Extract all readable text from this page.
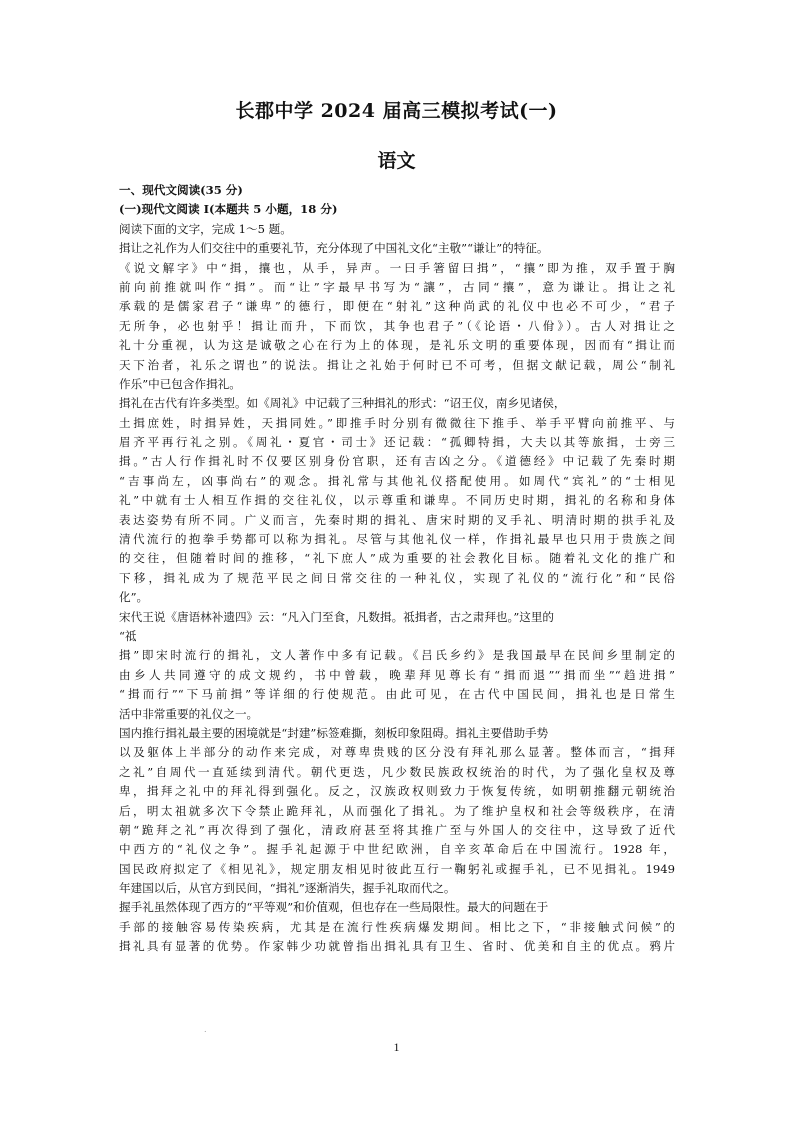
长郡中学 2024 届高三模拟考试(一)
语文
一、现代文阅读(35 分)
(一)现代文阅读 I(本题共 5 小题，18 分)
阅读下面的文字，完成 1～5 题。
揖让之礼作为人们交往中的重要礼节，充分体现了中国礼文化“主敬”“谦让”的特征。
《说文解字》中“揖，攘也，从手，异声。一曰手箸留曰揖”，“攘”即为推，双手置于胸
前向前推就叫作“揖”。而“让”字最早书写为“讓”，古同“攘”，意为谦让。揖让之礼
承载的是儒家君子“谦卑”的德行，即便在“射礼”这种尚武的礼仪中也必不可少，“君子
无所争，必也射乎！揖让而升，下而饮，其争也君子”（《论语・八佾》）。古人对揖让之
礼十分重视，认为这是诚敬之心在行为上的体现，是礼乐文明的重要体现，因而有“揖让而
天下治者，礼乐之谓也”的说法。揖让之礼始于何时已不可考，但据文献记载，周公“制礼
作乐”中已包含作揖礼。
揖礼在古代有许多类型。如《周礼》中记载了三种揖礼的形式：“诏王仪，南乡见诸侯，
土揖庶姓，时揖异姓，天揖同姓。”即推手时分别有微微往下推手、举手平臂向前推平、与
眉齐平再行礼之别。《周礼・夏官・司士》还记载：“孤卿特揖，大夫以其等旅揖，士旁三
揖。”古人行作揖礼时不仅要区别身份官职，还有吉凶之分。《道德经》中记载了先秦时期
“吉事尚左，凶事尚右”的观念。揖礼常与其他礼仪搭配使用。如周代“宾礼”的“士相见
礼”中就有士人相互作揖的交往礼仪，以示尊重和谦卑。不同历史时期，揖礼的名称和身体
表达姿势有所不同。广义而言，先秦时期的揖礼、唐宋时期的叉手礼、明清时期的拱手礼及
清代流行的抱拳手势都可以称为揖礼。尽管与其他礼仪一样，作揖礼最早也只用于贵族之间
的交往，但随着时间的推移，“礼下庶人”成为重要的社会教化目标。随着礼文化的推广和
下移，揖礼成为了规范平民之间日常交往的一种礼仪，实现了礼仪的“流行化”和“民俗
化”。
宋代王说《唐语林补遗四》云：“凡入门至食，凡数揖。祗揖者，古之肃拜也。”这里的
“祗
揖”即宋时流行的揖礼，文人著作中多有记载。《吕氏乡约》是我国最早在民间乡里制定的
由乡人共同遵守的成文规约，书中曾载，晚辈拜见尊长有“揖而退”“揖而坐”“趋进揖”
“揖而行”“下马前揖”等详细的行使规范。由此可见，在古代中国民间，揖礼也是日常生
活中非常重要的礼仪之一。
国内推行揖礼最主要的困境就是“封建”标签难撕，刻板印象阻碍。揖礼主要借助手势
以及躯体上半部分的动作来完成，对尊卑贵贱的区分没有拜礼那么显著。整体而言，“揖拜
之礼”自周代一直延续到清代。朝代更迭，凡少数民族政权统治的时代，为了强化皇权及尊
卑，揖拜之礼中的拜礼得到强化。反之，汉族政权则致力于恢复传统，如明朝推翻元朝统治
后，明太祖就多次下令禁止跪拜礼，从而强化了揖礼。为了维护皇权和社会等级秩序，在清
朝“跪拜之礼”再次得到了强化，清政府甚至将其推广至与外国人的交往中，这导致了近代
中西方的“礼仪之争”。握手礼起源于中世纪欧洲，自辛亥革命后在中国流行。1928 年，
国民政府拟定了《相见礼》，规定朋友相见时彼此互行一鞠躬礼或握手礼，已不见揖礼。1949
年建国以后，从官方到民间，“揖礼”逐渐消失，握手礼取而代之。
握手礼虽然体现了西方的“平等观”和价值观，但也存在一些局限性。最大的问题在于
手部的接触容易传染疾病，尤其是在流行性疾病爆发期间。相比之下，“非接触式问候”的
揖礼具有显著的优势。作家韩少功就曾指出揖礼具有卫生、省时、优美和自主的优点。鸦片
.
1
